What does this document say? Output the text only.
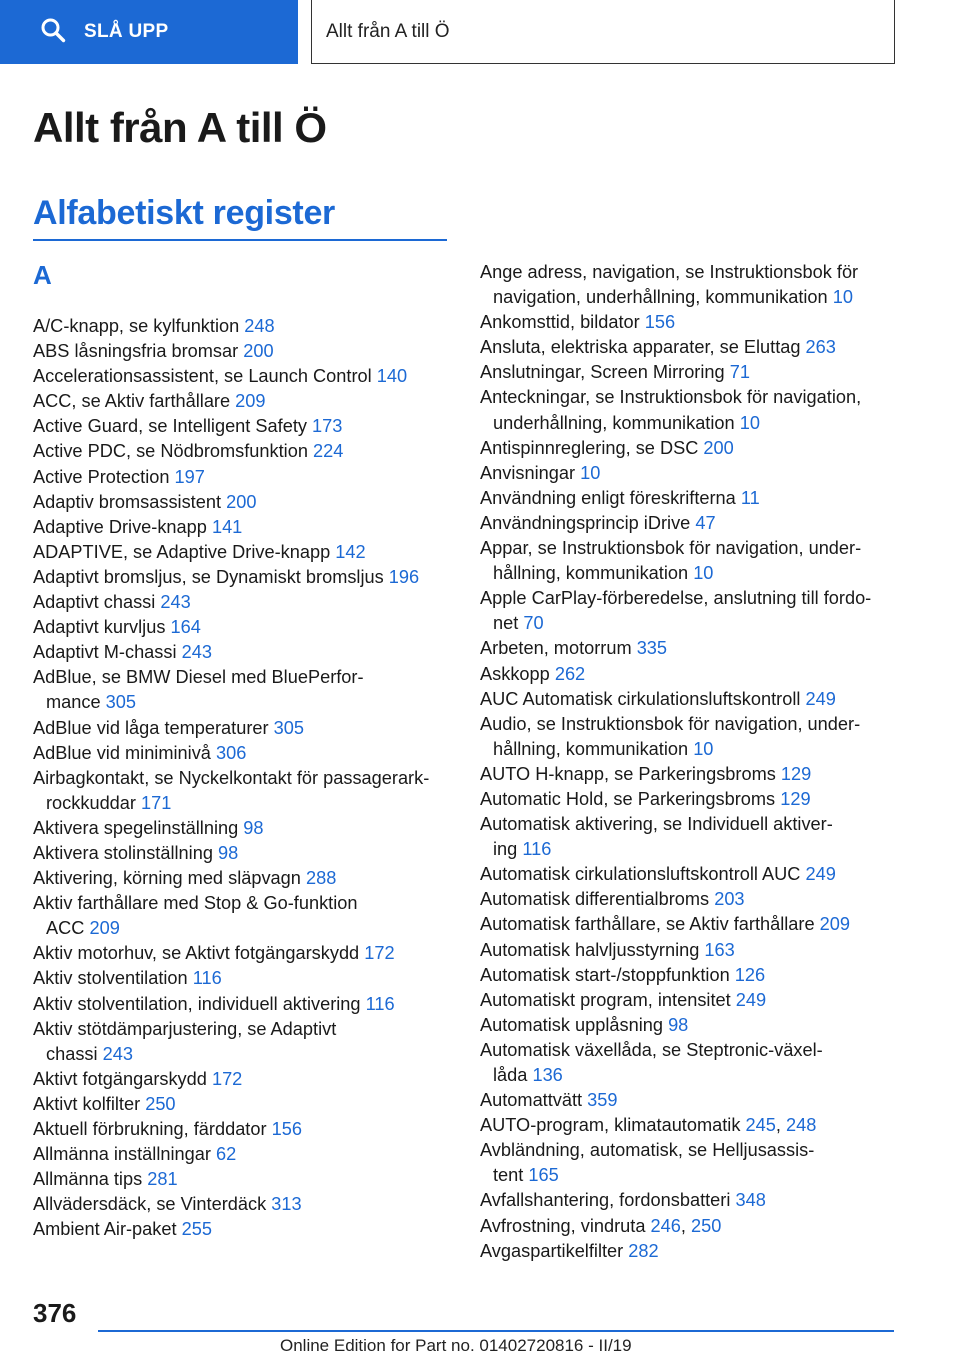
SLÅ UPP	Allt från A till Ö
Allt från A till Ö
Alfabetiskt register
A
A/C-knapp, se kylfunktion 248
ABS låsningsfria bromsar 200
Accelerationsassistent, se Launch Control 140
ACC, se Aktiv farthållare 209
Active Guard, se Intelligent Safety 173
Active PDC, se Nödbromsfunktion 224
Active Protection 197
Adaptiv bromsassistent 200
Adaptive Drive-knapp 141
ADAPTIVE, se Adaptive Drive-knapp 142
Adaptivt bromsljus, se Dynamiskt bromsljus 196
Adaptivt chassi 243
Adaptivt kurvljus 164
Adaptivt M-chassi 243
AdBlue, se BMW Diesel med BluePerfor-
mance 305
AdBlue vid låga temperaturer 305
AdBlue vid miniminivå 306
Airbagkontakt, se Nyckelkontakt för passagerark-
rockkuddar 171
Aktivera spegelinställning 98
Aktivera stolinställning 98
Aktivering, körning med släpvagn 288
Aktiv farthållare med Stop & Go-funktion
ACC 209
Aktiv motorhuv, se Aktivt fotgängarskydd 172
Aktiv stolventilation 116
Aktiv stolventilation, individuell aktivering 116
Aktiv stötdämparjustering, se Adaptivt
chassi 243
Aktivt fotgängarskydd 172
Aktivt kolfilter 250
Aktuell förbrukning, färddator 156
Allmänna inställningar 62
Allmänna tips 281
Allvädersdäck, se Vinterdäck 313
Ambient Air-paket 255
Ange adress, navigation, se Instruktionsbok för
navigation, underhållning, kommunikation 10
Ankomsttid, bildator 156
Ansluta, elektriska apparater, se Eluttag 263
Anslutningar, Screen Mirroring 71
Anteckningar, se Instruktionsbok för navigation,
underhållning, kommunikation 10
Antispinnreglering, se DSC 200
Anvisningar 10
Användning enligt föreskrifterna 11
Användningsprincip iDrive 47
Appar, se Instruktionsbok för navigation, under-
hållning, kommunikation 10
Apple CarPlay-förberedelse, anslutning till fordo-
net 70
Arbeten, motorrum 335
Askkopp 262
AUC Automatisk cirkulationsluftskontroll 249
Audio, se Instruktionsbok för navigation, under-
hållning, kommunikation 10
AUTO H-knapp, se Parkeringsbroms 129
Automatic Hold, se Parkeringsbroms 129
Automatisk aktivering, se Individuell aktiver-
ing 116
Automatisk cirkulationsluftskontroll AUC 249
Automatisk differentialbroms 203
Automatisk farthållare, se Aktiv farthållare 209
Automatisk halvljusstyrning 163
Automatisk start-/stoppfunktion 126
Automatiskt program, intensitet 249
Automatisk upplåsning 98
Automatisk växellåda, se Steptronic-växel-
låda 136
Automattvätt 359
AUTO-program, klimatautomatik 245, 248
Avbländning, automatisk, se Helljusassis-
tent 165
Avfallshantering, fordonsbatteri 348
Avfrostning, vindruta 246, 250
Avgaspartikelfilter 282
376
Online Edition for Part no. 01402720816 - II/19
